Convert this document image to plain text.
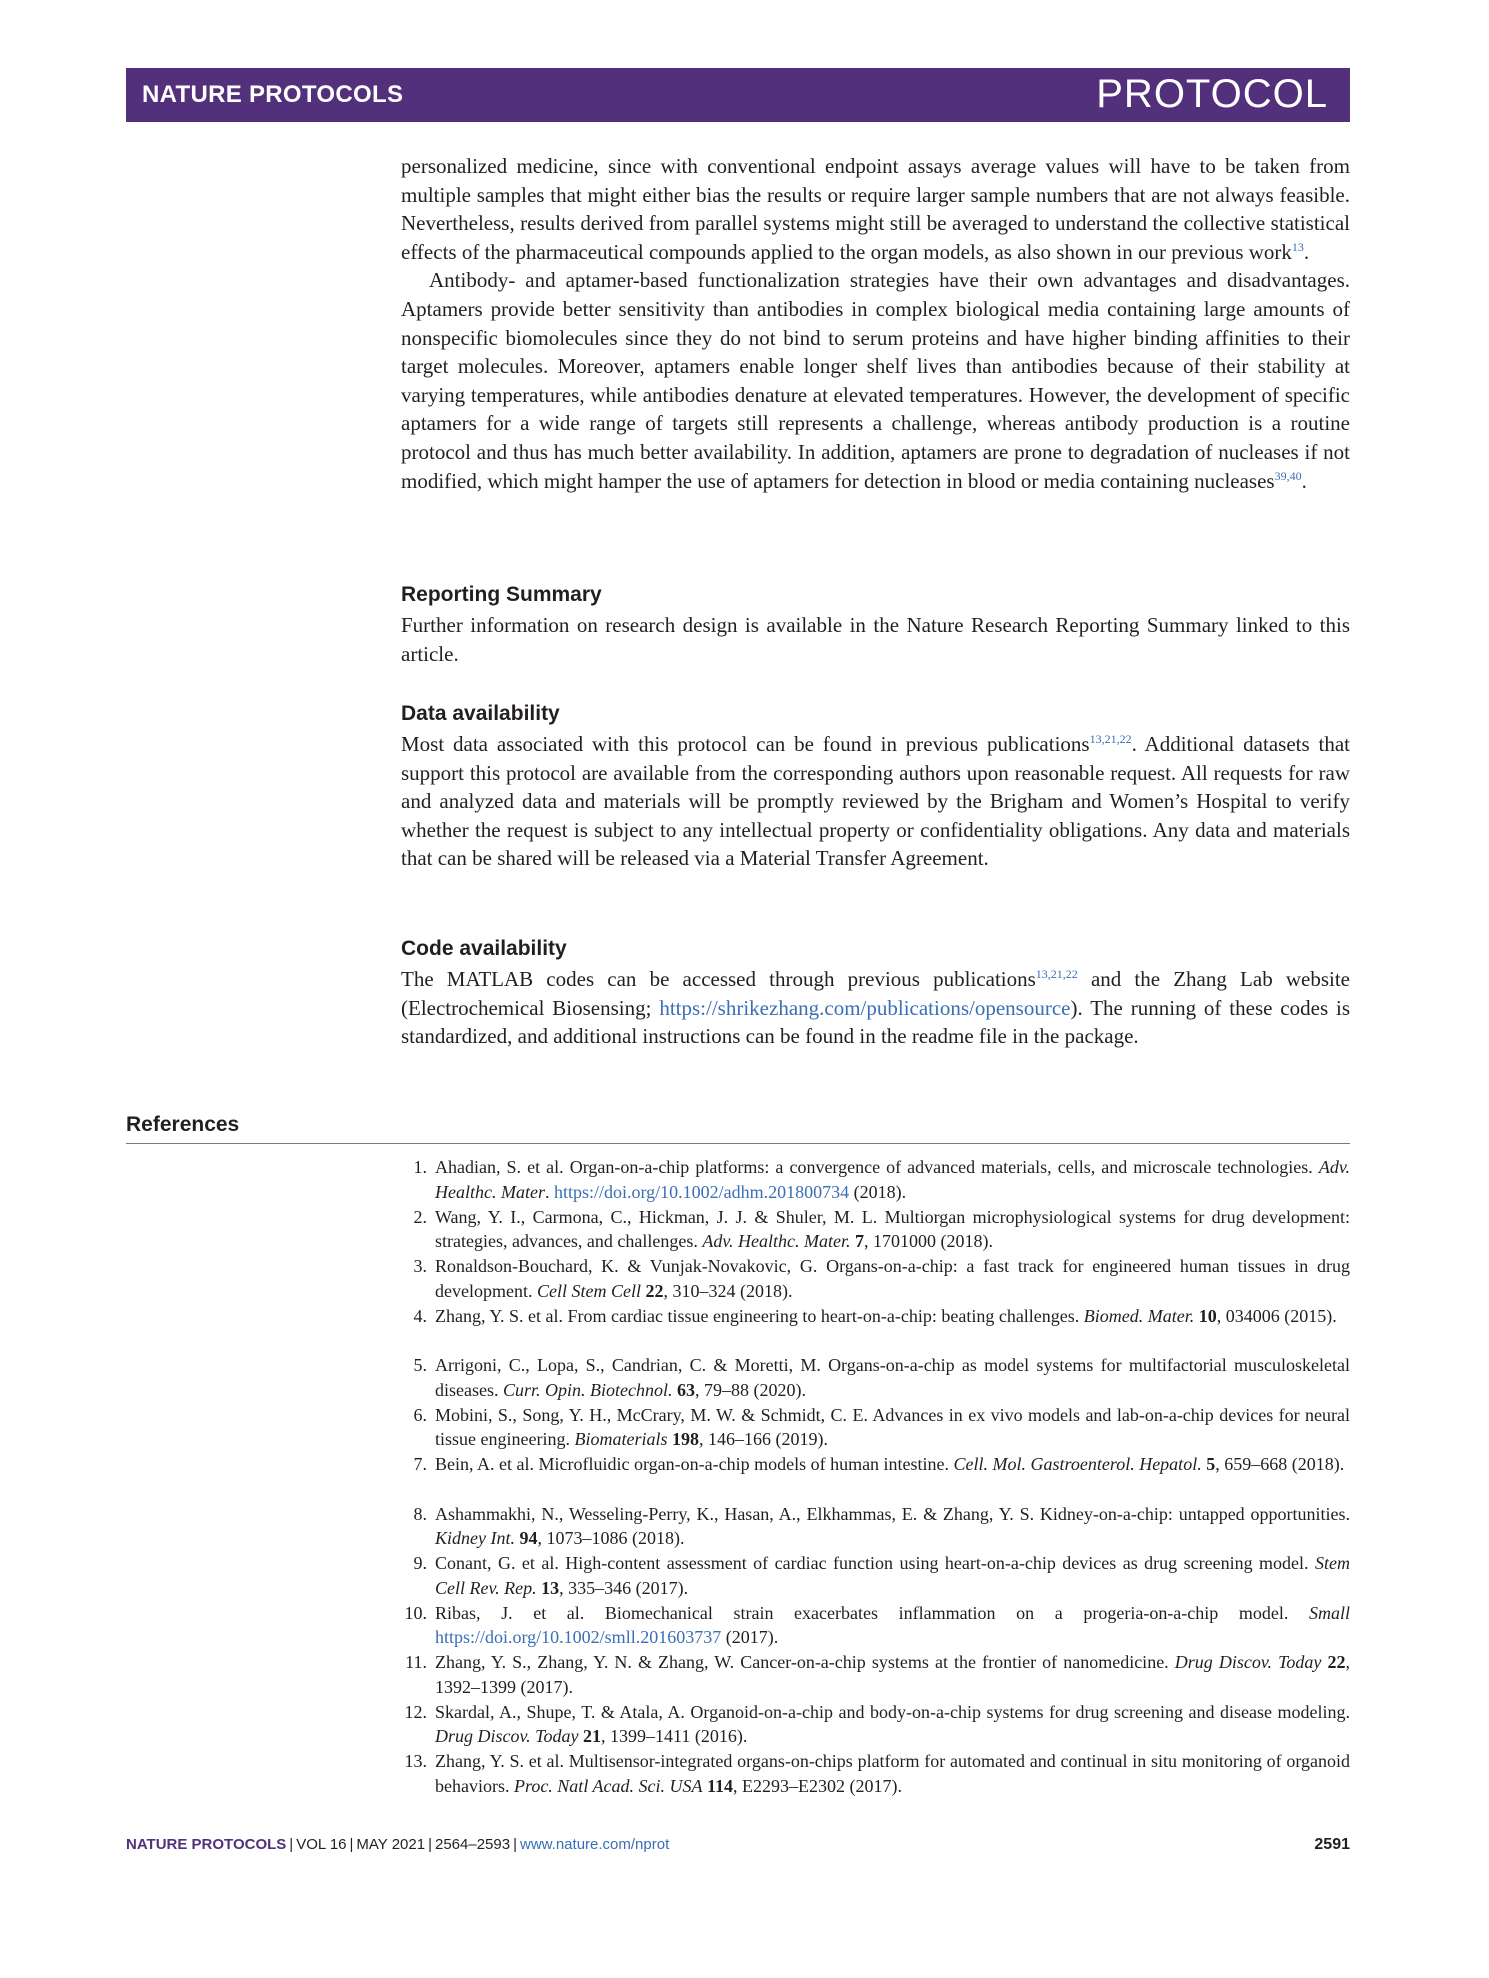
NATURE PROTOCOLS	PROTOCOL

personalized medicine, since with conventional endpoint assays average values will have to be taken from multiple samples that might either bias the results or require larger sample numbers that are not always feasible. Nevertheless, results derived from parallel systems might still be averaged to understand the collective statistical effects of the pharmaceutical compounds applied to the organ models, as also shown in our previous work$^{13}$.

Antibody- and aptamer-based functionalization strategies have their own advantages and disadvantages. Aptamers provide better sensitivity than antibodies in complex biological media containing large amounts of nonspecific biomolecules since they do not bind to serum proteins and have higher binding affinities to their target molecules. Moreover, aptamers enable longer shelf lives than antibodies because of their stability at varying temperatures, while antibodies denature at elevated temperatures. However, the development of specific aptamers for a wide range of targets still represents a challenge, whereas antibody production is a routine protocol and thus has much better availability. In addition, aptamers are prone to degradation of nucleases if not modified, which might hamper the use of aptamers for detection in blood or media containing nucleases$^{39,40}$.

Reporting Summary

Further information on research design is available in the Nature Research Reporting Summary linked to this article.

Data availability

Most data associated with this protocol can be found in previous publications$^{13,21,22}$. Additional datasets that support this protocol are available from the corresponding authors upon reasonable request. All requests for raw and analyzed data and materials will be promptly reviewed by the Brigham and Women’s Hospital to verify whether the request is subject to any intellectual property or confidentiality obligations. Any data and materials that can be shared will be released via a Material Transfer Agreement.

Code availability

The MATLAB codes can be accessed through previous publications$^{13,21,22}$ and the Zhang Lab website (Electrochemical Biosensing; https://shrikezhang.com/publications/opensource). The running of these codes is standardized, and additional instructions can be found in the readme file in the package.

References
1. Ahadian, S. et al. Organ-on-a-chip platforms: a convergence of advanced materials, cells, and microscale technologies. Adv. Healthc. Mater. https://doi.org/10.1002/adhm.201800734 (2018).
2. Wang, Y. I., Carmona, C., Hickman, J. J. & Shuler, M. L. Multiorgan microphysiological systems for drug development: strategies, advances, and challenges. Adv. Healthc. Mater. 7, 1701000 (2018).
3. Ronaldson-Bouchard, K. & Vunjak-Novakovic, G. Organs-on-a-chip: a fast track for engineered human tissues in drug development. Cell Stem Cell 22, 310–324 (2018).
4. Zhang, Y. S. et al. From cardiac tissue engineering to heart-on-a-chip: beating challenges. Biomed. Mater. 10, 034006 (2015).
5. Arrigoni, C., Lopa, S., Candrian, C. & Moretti, M. Organs-on-a-chip as model systems for multifactorial musculoskeletal diseases. Curr. Opin. Biotechnol. 63, 79–88 (2020).
6. Mobini, S., Song, Y. H., McCrary, M. W. & Schmidt, C. E. Advances in ex vivo models and lab-on-a-chip devices for neural tissue engineering. Biomaterials 198, 146–166 (2019).
7. Bein, A. et al. Microfluidic organ-on-a-chip models of human intestine. Cell. Mol. Gastroenterol. Hepatol. 5, 659–668 (2018).
8. Ashammakhi, N., Wesseling-Perry, K., Hasan, A., Elkhammas, E. & Zhang, Y. S. Kidney-on-a-chip: untapped opportunities. Kidney Int. 94, 1073–1086 (2018).
9. Conant, G. et al. High-content assessment of cardiac function using heart-on-a-chip devices as drug screening model. Stem Cell Rev. Rep. 13, 335–346 (2017).
10. Ribas, J. et al. Biomechanical strain exacerbates inflammation on a progeria-on-a-chip model. Small https://doi.org/10.1002/smll.201603737 (2017).
11. Zhang, Y. S., Zhang, Y. N. & Zhang, W. Cancer-on-a-chip systems at the frontier of nanomedicine. Drug Discov. Today 22, 1392–1399 (2017).
12. Skardal, A., Shupe, T. & Atala, A. Organoid-on-a-chip and body-on-a-chip systems for drug screening and disease modeling. Drug Discov. Today 21, 1399–1411 (2016).
13. Zhang, Y. S. et al. Multisensor-integrated organs-on-chips platform for automated and continual in situ monitoring of organoid behaviors. Proc. Natl Acad. Sci. USA 114, E2293–E2302 (2017).
NATURE PROTOCOLS | VOL 16 | MAY 2021 | 2564–2593 | www.nature.com/nprot	2591
